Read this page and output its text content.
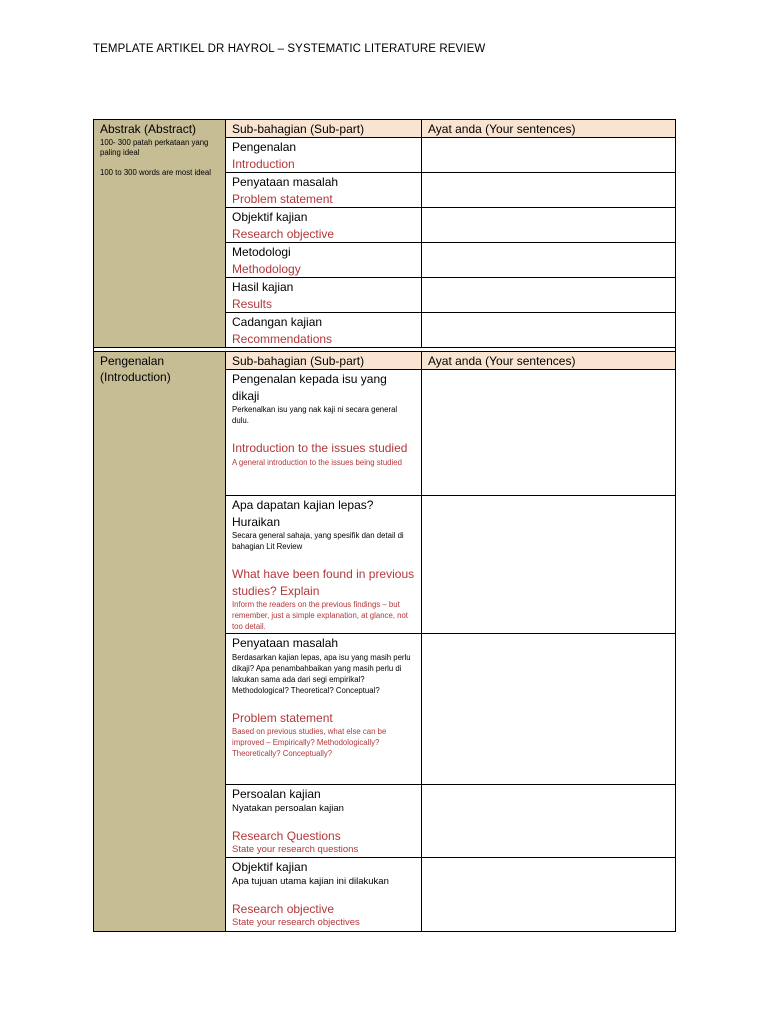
TEMPLATE ARTIKEL DR HAYROL – SYSTEMATIC LITERATURE REVIEW
Abstrak (Abstract)
100- 300 patah perkataan yang paling ideal
100 to 300 words are most ideal	Sub-bahagian (Sub-part)	Ayat anda (Your sentences)

	Pengenalan
Introduction	

	Penyataan masalah
Problem statement	

	Objektif kajian
Research objective	

	Metodologi
Methodology	

	Hasil kajian
Results	

	Cadangan kajian
Recommendations	

Pengenalan (Introduction)	Sub-bahagian (Sub-part)	Ayat anda (Your sentences)

	Pengenalan kepada isu yang dikaji
Perkenalkan isu yang nak kaji ni secara general dulu.
Introduction to the issues studied
A general introduction to the issues being studied	

	Apa dapatan kajian lepas? Huraikan
Secara general sahaja, yang spesifik dan detail di bahagian Lit Review
What have been found in previous studies? Explain
Inform the readers on the previous findings – but remember, just a simple explanation, at glance, not too detail.	

	Penyataan masalah
Berdasarkan kajian lepas, apa isu yang masih perlu dikaji? Apa penambahbaikan yang masih perlu di lakukan sama ada dari segi empirikal? Methodological? Theoretical? Conceptual?
Problem statement
Based on previous studies, what else can be improved – Empirically? Methodologically? Theoretically? Conceptually?	

	Persoalan kajian
Nyatakan persoalan kajian
Research Questions
State your research questions	

	Objektif kajian
Apa tujuan utama kajian ini dilakukan
Research objective
State your research objectives	
